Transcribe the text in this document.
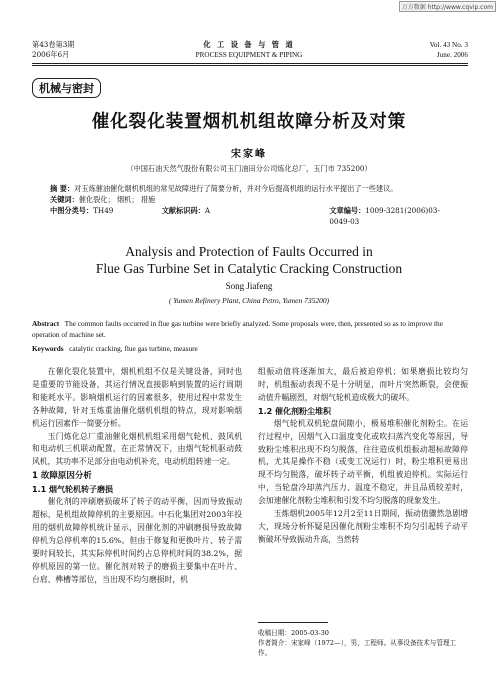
万方数据 http://www.cqvip.com
第43卷第3期
2006年6月
化 工 设 备 与 管 道
PROCESS EQUIPMENT & PIPING
Vol. 43 No. 3
June. 2006
机械与密封
催化裂化装置烟机机组故障分析及对策
宋家峰
（中国石油天然气股份有限公司玉门油田分公司炼化总厂，玉门市 735200）
摘 要：对玉炼催油催化烟机机组的常见故障进行了简要分析，并对今后提高机组的运行水平提出了一些建议。
关键词：催化裂化； 烟机； 措施
中图分类号：TH49	文献标识码：A	文章编号：1009-3281(2006)03-0049-03
Analysis and Protection of Faults Occurred in
Flue Gas Turbine Set in Catalytic Cracking Construction
Song Jiafeng
( Yumen Refinery Plant, China Petro, Yumen 735200)
Abstract The common faults occurred in flue gas turbine were briefly analyzed. Some proposals were, then, presented so as to improve the operation of machine set.
Keywords catalytic cracking, flue gas turbine, measure

在催化裂化装置中，烟机机组不仅是关键设备，同时也是重要的节能设备，其运行情况直接影响到装置的运行周期和能耗水平。影响烟机运行的因素很多，使用过程中常发生各种故障，针对玉炼重油催化烟机机组的特点，现对影响烟机运行因素作一简要分析。

玉门炼化总厂重油催化烟机机组采用烟气轮机、鼓风机和电动机三机联动配置，在正常情况下，由烟气轮机驱动鼓风机，其功率不足部分由电动机补充，电动机组转速一定。

1 故障原因分析
1.1 烟气轮机转子磨损

催化剂的冲刷磨损破坏了转子的动平衡，因而导致振动超标，是机组故障停机的主要原因。中石化集团对2003年投用的烟机故障停机统计显示，因催化剂的冲刷磨损导致故障停机为总停机率的15.6%。但由于修复和更换叶片、转子需要时间较长，其实际停机时间约占总停机时间的38.2%，据停机原因的第一位。催化剂对转子的磨损主要集中在叶片、台肩、榫槽等部位，当出现不均匀磨损时，机

组振动值将逐渐加大，最后被迫停机；如果磨损比较均匀时，机组振动表现不是十分明显，而叶片突然断裂，会使振动值升幅剧烈，对烟气轮机造成极大的破坏。

1.2 催化剂粉尘堆积

烟气轮机双机轮盘间隙小，极易堆积催化剂粉尘。在运行过程中，因烟气入口温度变化或吹扫蒸汽变化等原因，导致粉尘堆积出现不均匀脱落，往往造成机组振动超标故障停机，尤其是操作不稳（或变工况运行）时，粉尘堆积更易出现不均匀脱落，破坏转子动平衡，机组被迫停机。实际运行中，当轮盘冷却蒸汽压力、温度不稳定，并且品质较差时，会加速催化剂粉尘堆积和引发不均匀脱落的现象发生。

玉炼烟机2005年12月2至11日期间，振动值骤然急剧增大，现场分析怀疑是因催化剂粉尘堆积不均匀引起转子动平衡破坏导致振动升高，当然转

收稿日期：2005-03-30
作者简介：宋家峰（1972—），男，工程师。从事设备技术与管理工作。
